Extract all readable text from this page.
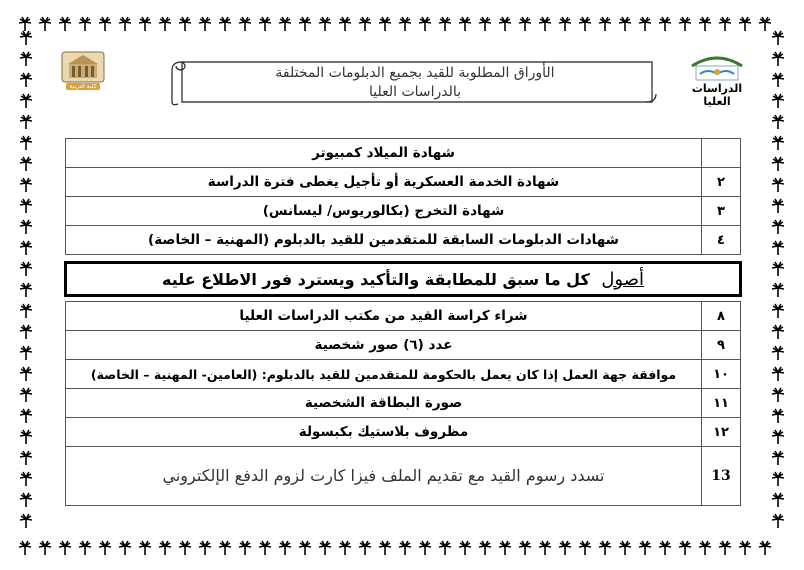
كلية التربية	الدراسات العليا
الأوراق المطلوبة للقيد بجميع الدبلومات المختلفة
بالدراسات العليا
	شهادة الميلاد كمبيوتر
٢	شهادة الخدمة العسكرية أو تأجيل يغطى فترة الدراسة
٣	شهادة التخرج (بكالوريوس/ ليسانس)
٤	شهادات الدبلومات السابقة للمتقدمين للقيد بالدبلوم (المهنية – الخاصة)

أصول كل ما سبق للمطابقة والتأكيد ويسترد فور الاطلاع عليه	

٨	شراء كراسة القيد من مكتب الدراسات العليا
٩	عدد (٦) صور شخصية
١٠	موافقة جهة العمل إذا كان يعمل بالحكومة للمتقدمين للقيد بالدبلوم: (العامين- المهنية – الخاصة)
١١	صورة البطاقة الشخصية
١٢	مظروف بلاستيك بكبسولة
13	تسدد رسوم القيد مع تقديم الملف فيزا كارت لزوم الدفع الإلكتروني
